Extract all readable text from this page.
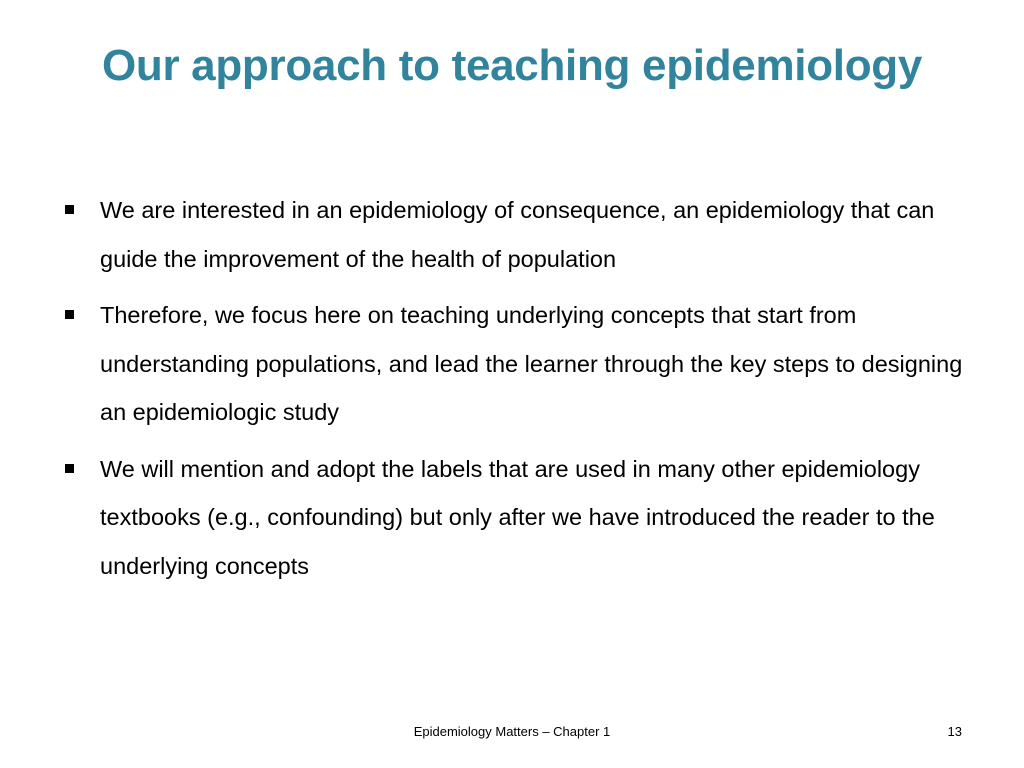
Our approach to teaching epidemiology
We are interested in an epidemiology of consequence, an epidemiology that can guide the improvement of the health of population
Therefore, we focus here on teaching underlying concepts that start from understanding populations, and lead the learner through the key steps to designing an epidemiologic study
We will mention and adopt the labels that are used in many other epidemiology textbooks (e.g., confounding) but only after we have introduced the reader to the underlying concepts
Epidemiology Matters – Chapter 1	13
